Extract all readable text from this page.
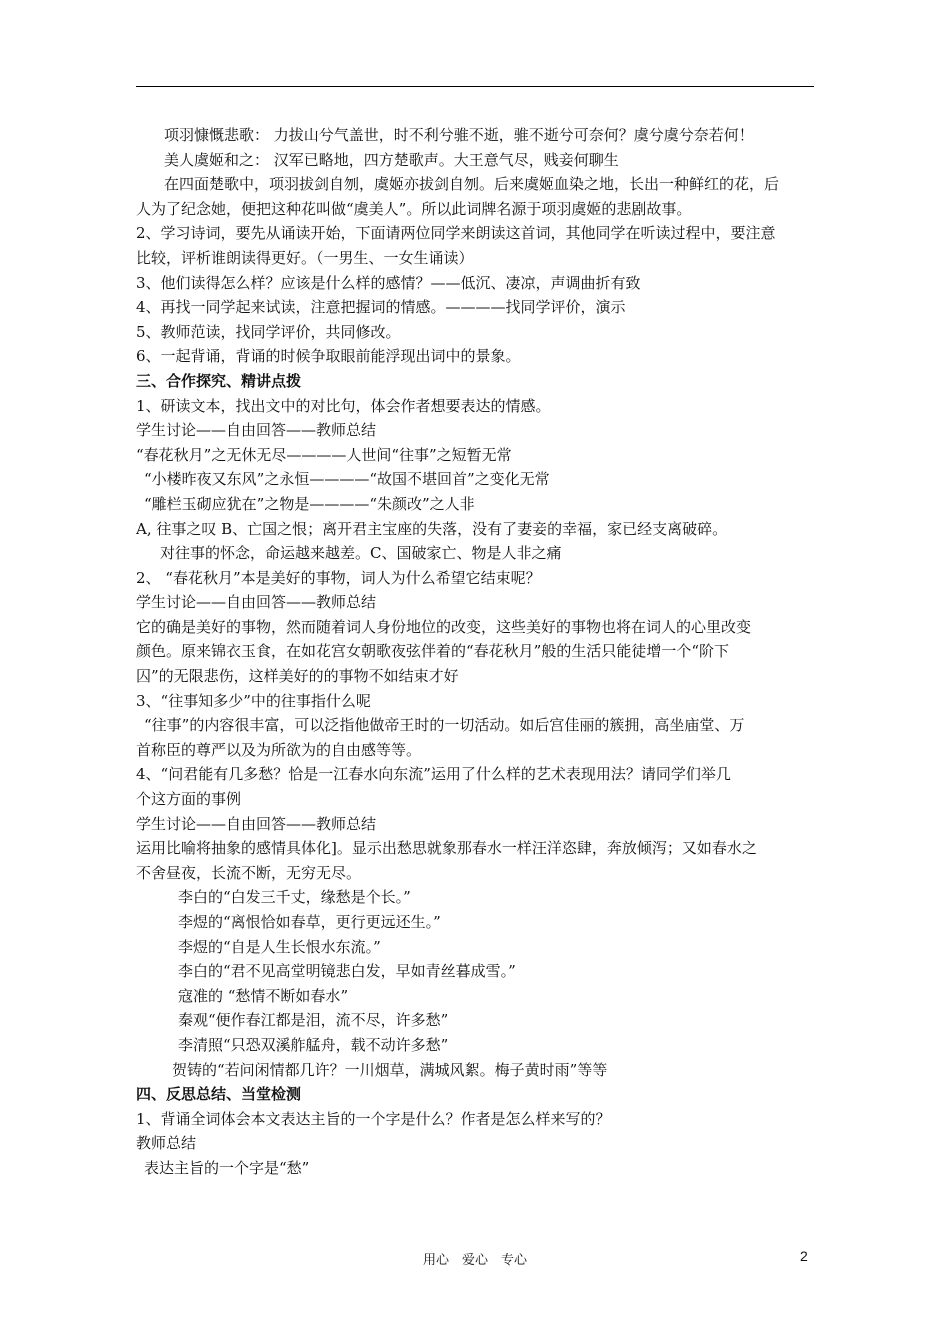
项羽慷慨悲歌： 力拔山兮气盖世，时不利兮骓不逝，骓不逝兮可奈何？虞兮虞兮奈若何！
美人虞姬和之： 汉军已略地，四方楚歌声。大王意气尽，贱妾何聊生
在四面楚歌中，项羽拔剑自刎，虞姬亦拔剑自刎。后来虞姬血染之地，长出一种鲜红的花，后
人为了纪念她，便把这种花叫做“虞美人”。所以此词牌名源于项羽虞姬的悲剧故事。
2、学习诗词，要先从诵读开始，下面请两位同学来朗读这首词，其他同学在听读过程中，要注意
比较，评析谁朗读得更好。（一男生、一女生诵读）
3、他们读得怎么样？应该是什么样的感情？——低沉、凄凉，声调曲折有致
4、再找一同学起来试读，注意把握词的情感。————找同学评价，演示
5、教师范读，找同学评价，共同修改。
6、一起背诵，背诵的时候争取眼前能浮现出词中的景象。
三、合作探究、精讲点拨
1、研读文本，找出文中的对比句，体会作者想要表达的情感。
学生讨论——自由回答——教师总结
“春花秋月”之无休无尽————人世间“往事”之短暂无常
“小楼昨夜又东风”之永恒————“故国不堪回首”之变化无常
“雕栏玉砌应犹在”之物是————“朱颜改”之人非
A, 往事之叹 B、亡国之恨；离开君主宝座的失落，没有了妻妾的幸福，家已经支离破碎。
对往事的怀念，命运越来越差。C、国破家亡、物是人非之痛
2、 “春花秋月”本是美好的事物，词人为什么希望它结束呢？
学生讨论——自由回答——教师总结
它的确是美好的事物，然而随着词人身份地位的改变，这些美好的事物也将在词人的心里改变
颜色。原来锦衣玉食，在如花宫女朝歌夜弦伴着的“春花秋月”般的生活只能徒增一个“阶下
囚”的无限悲伤，这样美好的的事物不如结束才好
3、“往事知多少”中的往事指什么呢
“往事”的内容很丰富，可以泛指他做帝王时的一切活动。如后宫佳丽的簇拥，高坐庙堂、万
首称臣的尊严以及为所欲为的自由感等等。
4、“问君能有几多愁？恰是一江春水向东流”运用了什么样的艺术表现用法？请同学们举几
个这方面的事例
学生讨论——自由回答——教师总结
运用比喻将抽象的感情具体化]。显示出愁思就象那春水一样汪洋恣肆，奔放倾泻；又如春水之
不舍昼夜，长流不断，无穷无尽。
李白的“白发三千丈，缘愁是个长。”
李煜的“离恨恰如春草，更行更远还生。”
李煜的“自是人生长恨水东流。”
李白的“君不见高堂明镜悲白发，早如青丝暮成雪。”
寇准的 “愁情不断如春水”
秦观“便作春江都是泪，流不尽，许多愁”
李清照“只恐双溪舴艋舟，载不动许多愁”
贺铸的“若问闲情都几许？一川烟草，满城风絮。梅子黄时雨”等等
四、反思总结、当堂检测
1、背诵全词体会本文表达主旨的一个字是什么？作者是怎么样来写的？
教师总结
表达主旨的一个字是“愁”
用心　爱心　专心	2
